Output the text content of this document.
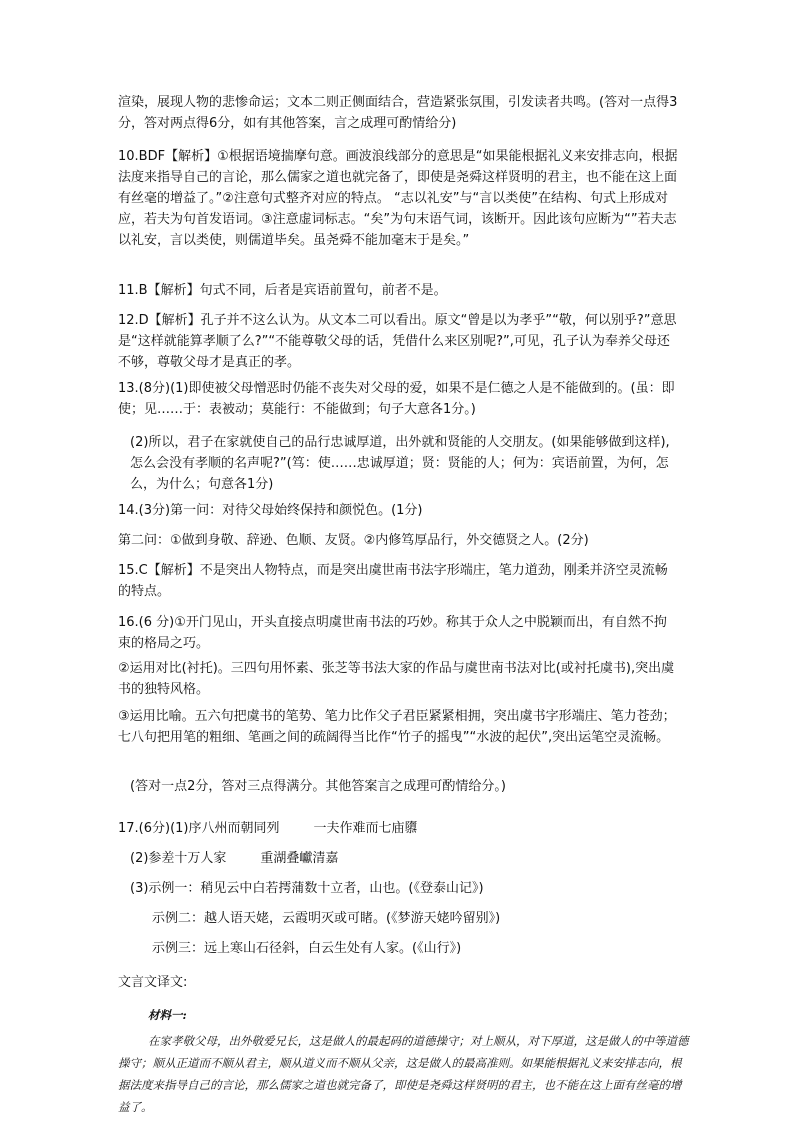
渲染，展现人物的悲惨命运；文本二则正侧面结合，营造紧张氛围，引发读者共鸣。(答对一点得3分，答对两点得6分，如有其他答案，言之成理可酌情给分)

10.BDF【解析】①根据语境揣摩句意。画波浪线部分的意思是“如果能根据礼义来安排志向，根据法度来指导自己的言论，那么儒家之道也就完备了，即使是尧舜这样贤明的君主，也不能在这上面有丝毫的增益了。”②注意句式整齐对应的特点。 “志以礼安”与“言以类使”在结构、句式上形成对应，若夫为句首发语词。③注意虚词标志。“矣”为句末语气词，该断开。因此该句应断为“”若夫志以礼安，言以类使，则儒道毕矣。虽尧舜不能加毫末于是矣。”

11.B【解析】句式不同，后者是宾语前置句，前者不是。

12.D【解析】孔子并不这么认为。从文本二可以看出。原文“曾是以为孝乎”“敬，何以别乎?”意思是“这样就能算孝顺了么?”“不能尊敬父母的话，凭借什么来区别呢?”,可见，孔子认为奉养父母还不够，尊敬父母才是真正的孝。

13.(8分)(1)即使被父母憎恶时仍能不丧失对父母的爱，如果不是仁德之人是不能做到的。(虽：即使；见……于：表被动；莫能行：不能做到；句子大意各1分。)

(2)所以，君子在家就使自己的品行忠诚厚道，出外就和贤能的人交朋友。(如果能够做到这样),怎么会没有孝顺的名声呢?”(笃：使……忠诚厚道；贤：贤能的人；何为：宾语前置，为何，怎么，为什么；句意各1分)

14.(3分)第一问：对待父母始终保持和颜悦色。(1分)

第二问：①做到身敬、辞逊、色顺、友贤。②内修笃厚品行，外交德贤之人。(2分)

15.C【解析】不是突出人物特点，而是突出虞世南书法字形端庄，笔力道劲，刚柔并济空灵流畅的特点。

16.(6 分)①开门见山，开头直接点明虞世南书法的巧妙。称其于众人之中脱颖而出，有自然不拘束的格局之巧。

②运用对比(衬托)。三四句用怀素、张芝等书法大家的作品与虞世南书法对比(或衬托虞书),突出虞书的独特风格。

③运用比喻。五六句把虞书的笔势、笔力比作父子君臣紧紧相拥，突出虞书字形端庄、笔力苍劲；七八句把用笔的粗细、笔画之间的疏阔得当比作“竹子的摇曳”“水波的起伏”,突出运笔空灵流畅。

(答对一点2分，答对三点得满分。其他答案言之成理可酌情给分。)

17.(6分)(1)序八州而朝同列	一夫作难而七庙隳

(2)参差十万人家	重湖叠巘清嘉

(3)示例一：稍见云中白若摴蒲数十立者，山也。(《登泰山记》)

示例二：越人语天姥，云霞明灭或可睹。(《梦游天姥吟留别》)

示例三：远上寒山石径斜，白云生处有人家。(《山行》)

文言文译文:

材料一:

在家孝敬父母，出外敬爱兄长，这是做人的最起码的道德操守；对上顺从，对下厚道，这是做人的中等道德操守；顺从正道而不顺从君主，顺从道义而不顺从父亲，这是做人的最高准则。如果能根据礼义来安排志向，根据法度来指导自己的言论，那么儒家之道也就完备了，即使是尧舜这样贤明的君主，也不能在这上面有丝毫的增益了。
